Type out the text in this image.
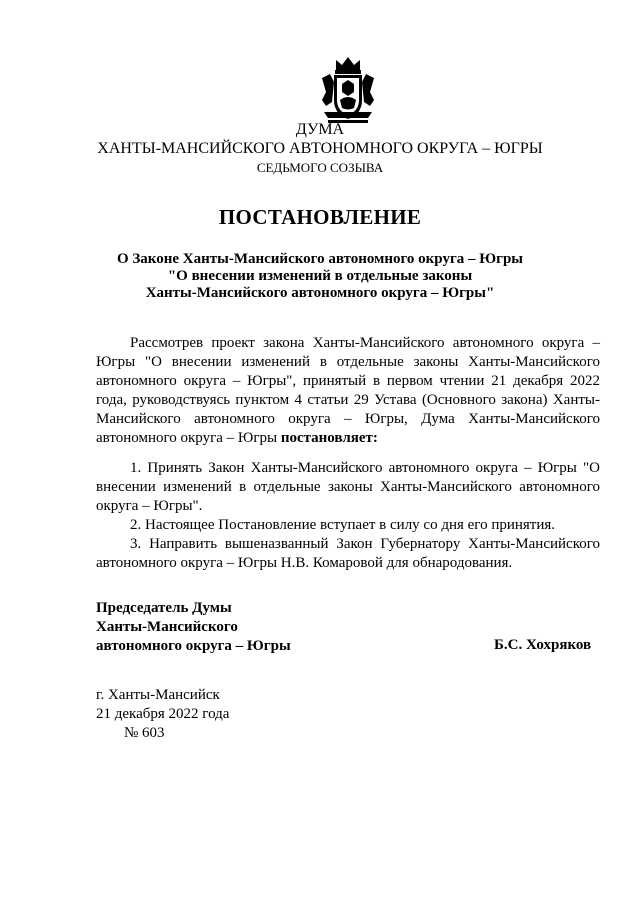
ДУМА
ХАНТЫ-МАНСИЙСКОГО АВТОНОМНОГО ОКРУГА – ЮГРЫ
СЕДЬМОГО СОЗЫВА
ПОСТАНОВЛЕНИЕ
О Законе Ханты-Мансийского автономного округа – Югры
"О внесении изменений в отдельные законы
Ханты-Мансийского автономного округа – Югры"
Рассмотрев проект закона Ханты-Мансийского автономного округа – Югры "О внесении изменений в отдельные законы Ханты-Мансийского автономного округа – Югры", принятый в первом чтении 21 декабря 2022 года, руководствуясь пунктом 4 статьи 29 Устава (Основного закона) Ханты-Мансийского автономного округа – Югры, Дума Ханты-Мансийского автономного округа – Югры постановляет:

1. Принять Закон Ханты-Мансийского автономного округа – Югры "О внесении изменений в отдельные законы Ханты-Мансийского автономного округа – Югры".

2. Настоящее Постановление вступает в силу со дня его принятия.

3. Направить вышеназванный Закон Губернатору Ханты-Мансийского автономного округа – Югры Н.В. Комаровой для обнародования.

Председатель Думы
Ханты-Мансийского
автономного округа – Югры	Б.С. Хохряков
г. Ханты-Мансийск
21 декабря 2022 года
№ 603
